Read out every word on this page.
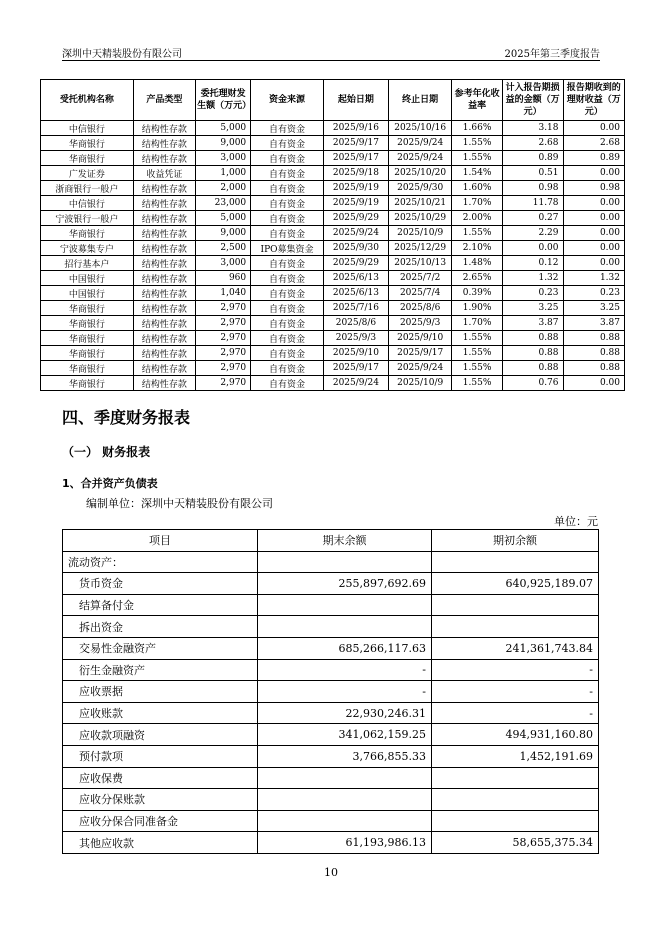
深圳中天精装股份有限公司	2025年第三季度报告
受托机构名称	产品类型	委托理财发生额（万元）	资金来源	起始日期	终止日期	参考年化收益率	计入报告期损益的金额（万元）	报告期收到的理财收益（万元）
中信银行	结构性存款	5,000	自有资金	2025/9/16	2025/10/16	1.66%	3.18	0.00
华商银行	结构性存款	9,000	自有资金	2025/9/17	2025/9/24	1.55%	2.68	2.68
华商银行	结构性存款	3,000	自有资金	2025/9/17	2025/9/24	1.55%	0.89	0.89
广发证券	收益凭证	1,000	自有资金	2025/9/18	2025/10/20	1.54%	0.51	0.00
浙商银行一般户	结构性存款	2,000	自有资金	2025/9/19	2025/9/30	1.60%	0.98	0.98
中信银行	结构性存款	23,000	自有资金	2025/9/19	2025/10/21	1.70%	11.78	0.00
宁波银行一般户	结构性存款	5,000	自有资金	2025/9/29	2025/10/29	2.00%	0.27	0.00
华商银行	结构性存款	9,000	自有资金	2025/9/24	2025/10/9	1.55%	2.29	0.00
宁波募集专户	结构性存款	2,500	IPO募集资金	2025/9/30	2025/12/29	2.10%	0.00	0.00
招行基本户	结构性存款	3,000	自有资金	2025/9/29	2025/10/13	1.48%	0.12	0.00
中国银行	结构性存款	960	自有资金	2025/6/13	2025/7/2	2.65%	1.32	1.32
中国银行	结构性存款	1,040	自有资金	2025/6/13	2025/7/4	0.39%	0.23	0.23
华商银行	结构性存款	2,970	自有资金	2025/7/16	2025/8/6	1.90%	3.25	3.25
华商银行	结构性存款	2,970	自有资金	2025/8/6	2025/9/3	1.70%	3.87	3.87
华商银行	结构性存款	2,970	自有资金	2025/9/3	2025/9/10	1.55%	0.88	0.88
华商银行	结构性存款	2,970	自有资金	2025/9/10	2025/9/17	1.55%	0.88	0.88
华商银行	结构性存款	2,970	自有资金	2025/9/17	2025/9/24	1.55%	0.88	0.88
华商银行	结构性存款	2,970	自有资金	2025/9/24	2025/10/9	1.55%	0.76	0.00
四、季度财务报表
（一） 财务报表
1、合并资产负债表
编制单位：深圳中天精装股份有限公司
单位：元
项目	期末余额	期初余额
流动资产：		
货币资金	255,897,692.69	640,925,189.07
结算备付金		
拆出资金		
交易性金融资产	685,266,117.63	241,361,743.84
衍生金融资产	-	-
应收票据	-	-
应收账款	22,930,246.31	-
应收款项融资	341,062,159.25	494,931,160.80
预付款项	3,766,855.33	1,452,191.69
应收保费		
应收分保账款		
应收分保合同准备金		
其他应收款	61,193,986.13	58,655,375.34
10
